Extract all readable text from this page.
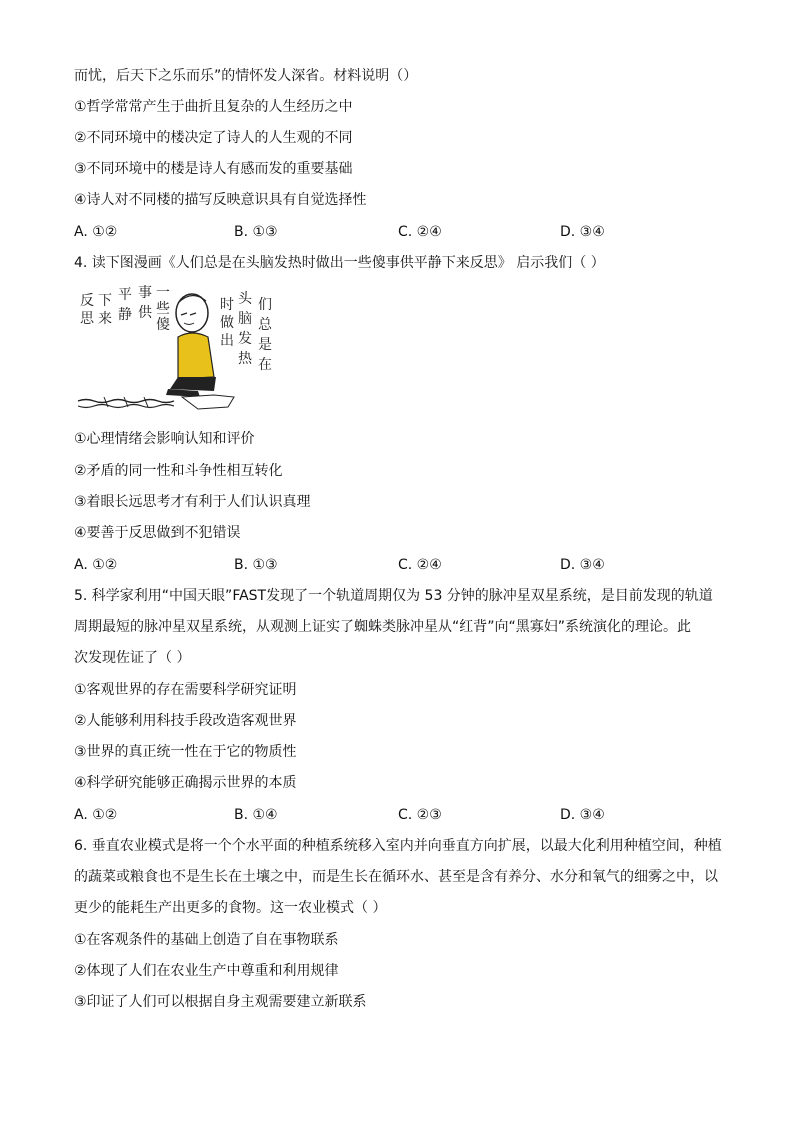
而忧，后天下之乐而乐”的情怀发人深省。材料说明（）
①哲学常常产生于曲折且复杂的人生经历之中
②不同环境中的楼决定了诗人的人生观的不同
③不同环境中的楼是诗人有感而发的重要基础
④诗人对不同楼的描写反映意识具有自觉选择性
A. ①②	B. ①③	C. ②④	D. ③④
4. 读下图漫画《人们总是在头脑发热时做出一些傻事供平静下来反思》 启示我们（ ）
反
思
下
来
平
静
事
供
一
些
傻
时
做
出
头
脑
发
热
们
总
是
在
①心理情绪会影响认知和评价
②矛盾的同一性和斗争性相互转化
③着眼长远思考才有利于人们认识真理
④要善于反思做到不犯错误
A. ①②	B. ①③	C. ②④	D. ③④
5. 科学家利用“中国天眼”FAST发现了一个轨道周期仅为 53 分钟的脉冲星双星系统，是目前发现的轨道
周期最短的脉冲星双星系统，从观测上证实了蜘蛛类脉冲星从“红背”向“黑寡妇”系统演化的理论。此
次发现佐证了（ ）
①客观世界的存在需要科学研究证明
②人能够利用科技手段改造客观世界
③世界的真正统一性在于它的物质性
④科学研究能够正确揭示世界的本质
A. ①②	B. ①④	C. ②③	D. ③④
6. 垂直农业模式是将一个个水平面的种植系统移入室内并向垂直方向扩展，以最大化利用种植空间，种植
的蔬菜或粮食也不是生长在土壤之中，而是生长在循环水、甚至是含有养分、水分和氧气的细雾之中，以
更少的能耗生产出更多的食物。这一农业模式（ ）
①在客观条件的基础上创造了自在事物联系
②体现了人们在农业生产中尊重和利用规律
③印证了人们可以根据自身主观需要建立新联系
